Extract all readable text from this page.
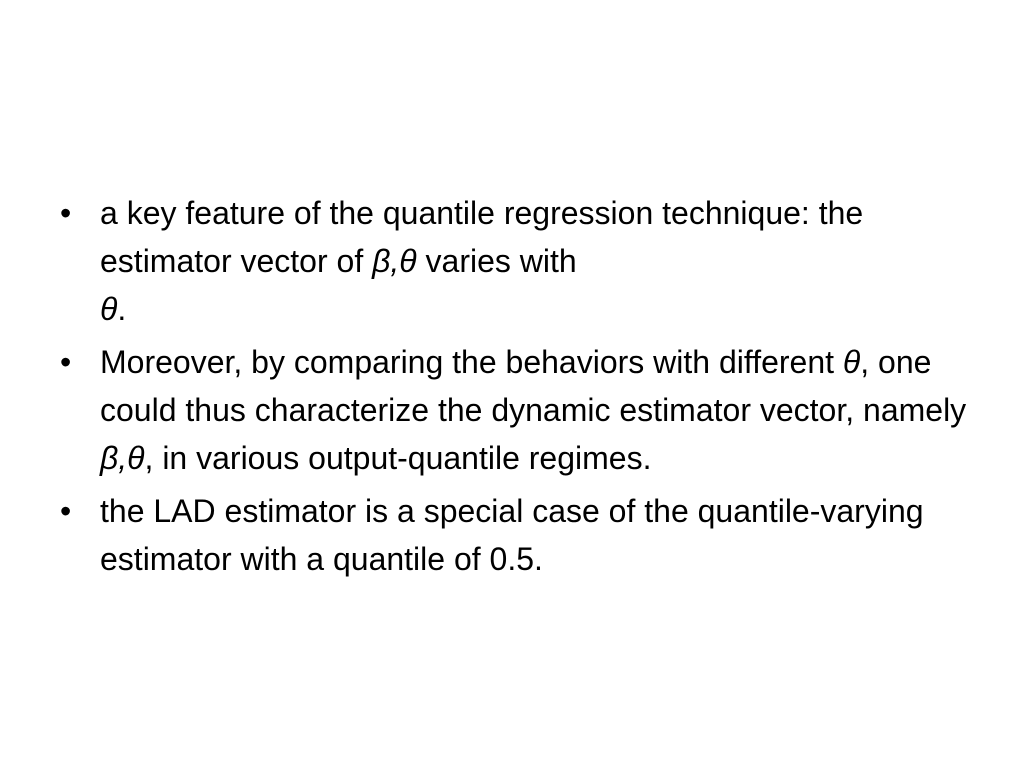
• a key feature of the quantile regression technique: the estimator vector of β,θ varies with
θ.
• Moreover, by comparing the behaviors with different θ, one could thus characterize the dynamic estimator vector, namely β,θ, in various output-quantile regimes.
• the LAD estimator is a special case of the quantile-varying estimator with a quantile of 0.5.
